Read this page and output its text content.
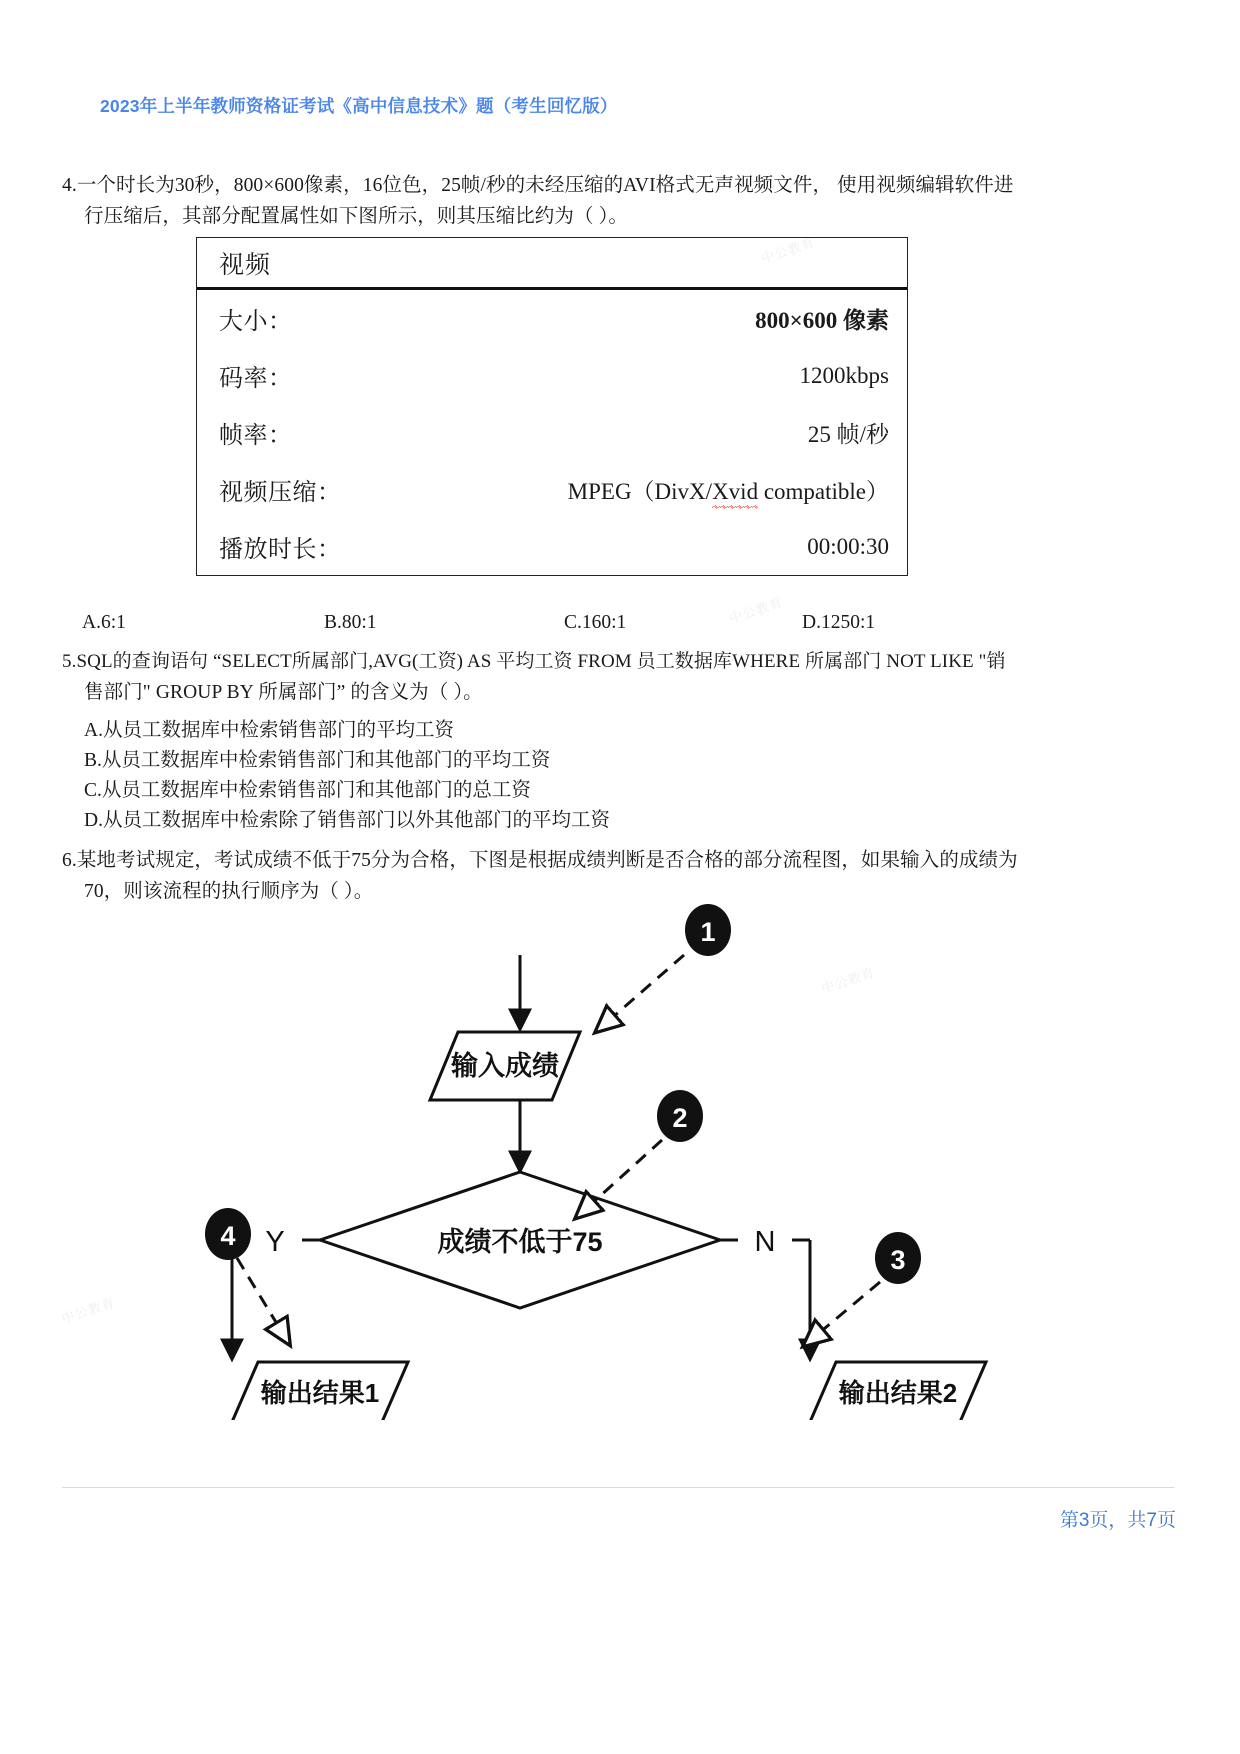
2023年上半年教师资格证考试《高中信息技术》题（考生回忆版）
4.一个时长为30秒，800×600像素，16位色，25帧/秒的未经压缩的AVI格式无声视频文件， 使用视频编辑软件进
行压缩后，其部分配置属性如下图所示，则其压缩比约为（ ）。
视频
大小：	800×600 像素
码率：	1200kbps
帧率：	25 帧/秒
视频压缩：	MPEG（DivX/Xvid compatible）
播放时长：	00:00:30
A.6:1	B.80:1	C.160:1	D.1250:1
5.SQL的查询语句 “SELECT所属部门,AVG(工资) AS 平均工资 FROM 员工数据库WHERE 所属部门 NOT LIKE "销
售部门" GROUP BY 所属部门” 的含义为（ ）。
A.从员工数据库中检索销售部门的平均工资
B.从员工数据库中检索销售部门和其他部门的平均工资
C.从员工数据库中检索销售部门和其他部门的总工资
D.从员工数据库中检索除了销售部门以外其他部门的平均工资
6.某地考试规定，考试成绩不低于75分为合格，下图是根据成绩判断是否合格的部分流程图，如果输入的成绩为
70，则该流程的执行顺序为（ ）。
输入成绩
成绩不低于75
Y	N
输出结果1	输出结果2
1
2
3
4
中公教育
中公教育
中公教育
第3页，共7页
